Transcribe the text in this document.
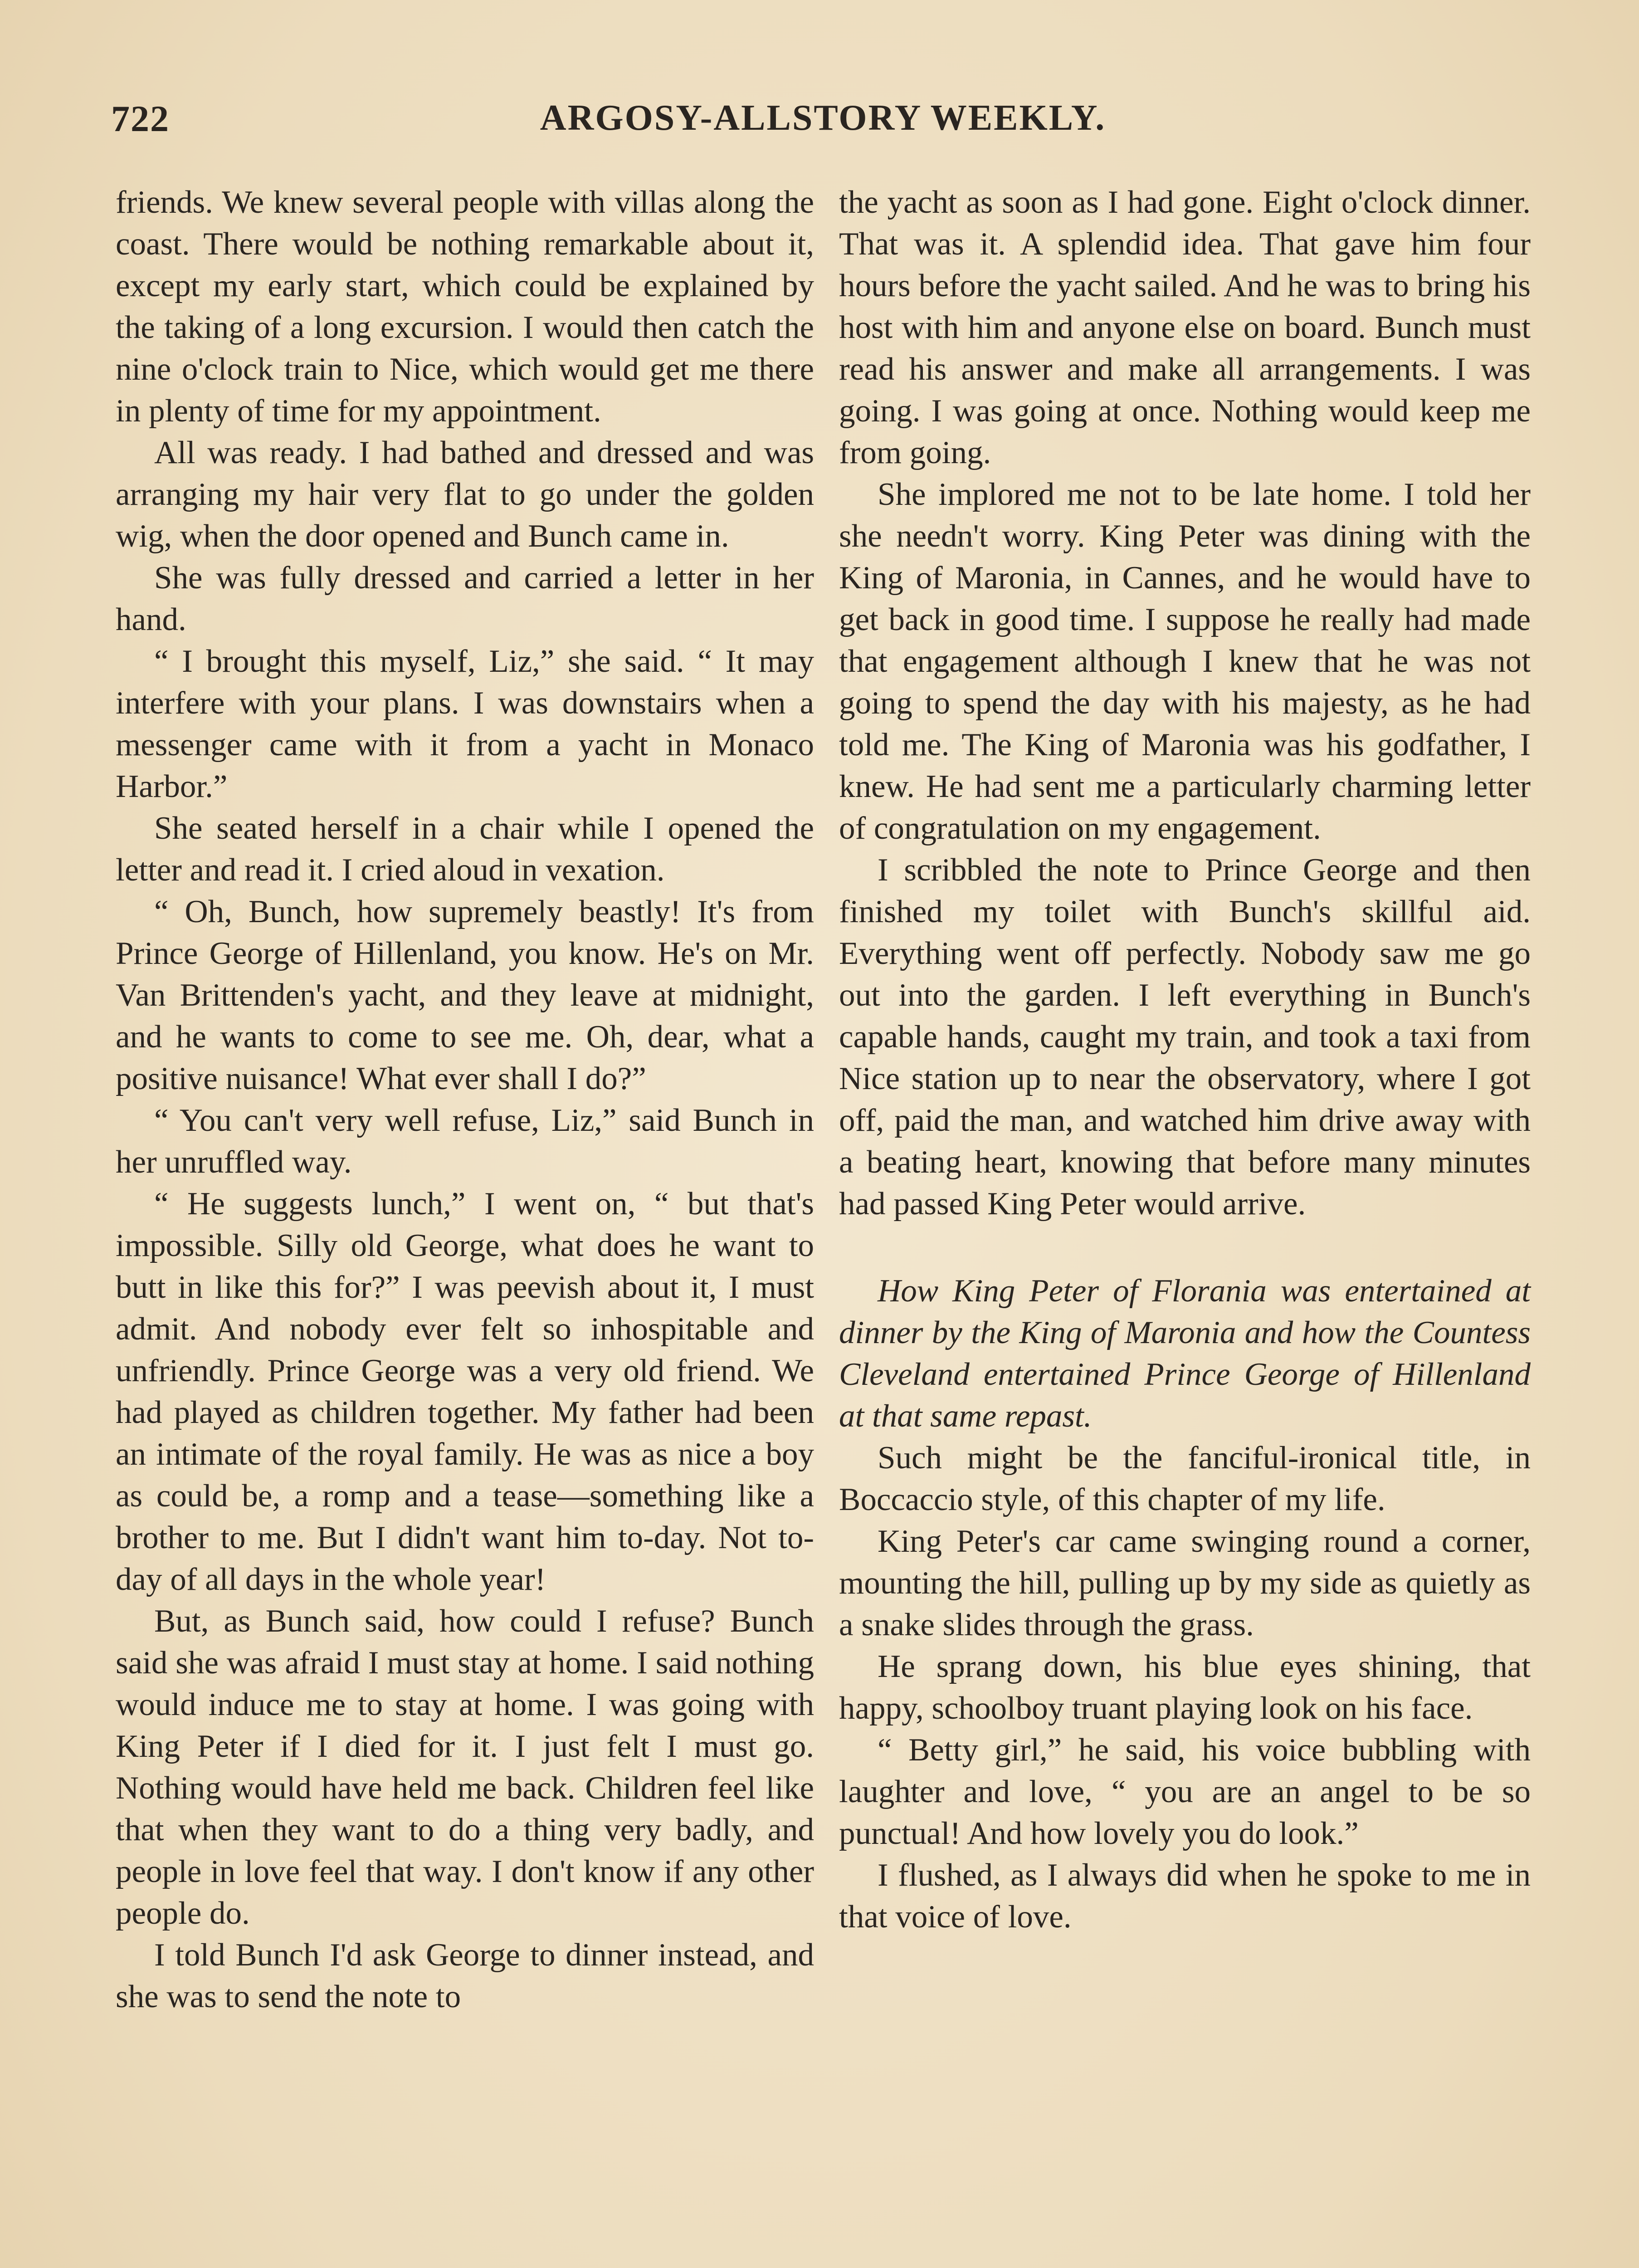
722	ARGOSY-ALLSTORY WEEKLY.

friends. We knew several people with villas along the coast. There would be nothing remarkable about it, except my early start, which could be explained by the taking of a long excursion. I would then catch the nine o'clock train to Nice, which would get me there in plenty of time for my appointment.

All was ready. I had bathed and dressed and was arranging my hair very flat to go under the golden wig, when the door opened and Bunch came in.

She was fully dressed and carried a letter in her hand.

“ I brought this myself, Liz,” she said. “ It may interfere with your plans. I was downstairs when a messenger came with it from a yacht in Monaco Harbor.”

She seated herself in a chair while I opened the letter and read it. I cried aloud in vexation.

“ Oh, Bunch, how supremely beastly! It's from Prince George of Hillenland, you know. He's on Mr. Van Brittenden's yacht, and they leave at midnight, and he wants to come to see me. Oh, dear, what a positive nuisance! What ever shall I do?”

“ You can't very well refuse, Liz,” said Bunch in her unruffled way.

“ He suggests lunch,” I went on, “ but that's impossible. Silly old George, what does he want to butt in like this for?” I was peevish about it, I must admit. And nobody ever felt so inhospitable and unfriendly. Prince George was a very old friend. We had played as children together. My father had been an intimate of the royal family. He was as nice a boy as could be, a romp and a tease—something like a brother to me. But I didn't want him to-day. Not to-day of all days in the whole year!

But, as Bunch said, how could I refuse? Bunch said she was afraid I must stay at home. I said nothing would induce me to stay at home. I was going with King Peter if I died for it. I just felt I must go. Nothing would have held me back. Children feel like that when they want to do a thing very badly, and people in love feel that way. I don't know if any other people do.

I told Bunch I'd ask George to dinner instead, and she was to send the note to

the yacht as soon as I had gone. Eight o'clock dinner. That was it. A splendid idea. That gave him four hours before the yacht sailed. And he was to bring his host with him and anyone else on board. Bunch must read his answer and make all arrangements. I was going. I was going at once. Nothing would keep me from going.

She implored me not to be late home. I told her she needn't worry. King Peter was dining with the King of Maronia, in Cannes, and he would have to get back in good time. I suppose he really had made that engagement although I knew that he was not going to spend the day with his majesty, as he had told me. The King of Maronia was his godfather, I knew. He had sent me a particularly charming letter of congratulation on my engagement.

I scribbled the note to Prince George and then finished my toilet with Bunch's skillful aid. Everything went off perfectly. Nobody saw me go out into the garden. I left everything in Bunch's capable hands, caught my train, and took a taxi from Nice station up to near the observatory, where I got off, paid the man, and watched him drive away with a beating heart, knowing that before many minutes had passed King Peter would arrive.

How King Peter of Florania was entertained at dinner by the King of Maronia and how the Countess Cleveland entertained Prince George of Hillenland at that same repast.

Such might be the fanciful-ironical title, in Boccaccio style, of this chapter of my life.

King Peter's car came swinging round a corner, mounting the hill, pulling up by my side as quietly as a snake slides through the grass.

He sprang down, his blue eyes shining, that happy, schoolboy truant playing look on his face.

“ Betty girl,” he said, his voice bubbling with laughter and love, “ you are an angel to be so punctual! And how lovely you do look.”

I flushed, as I always did when he spoke to me in that voice of love.
